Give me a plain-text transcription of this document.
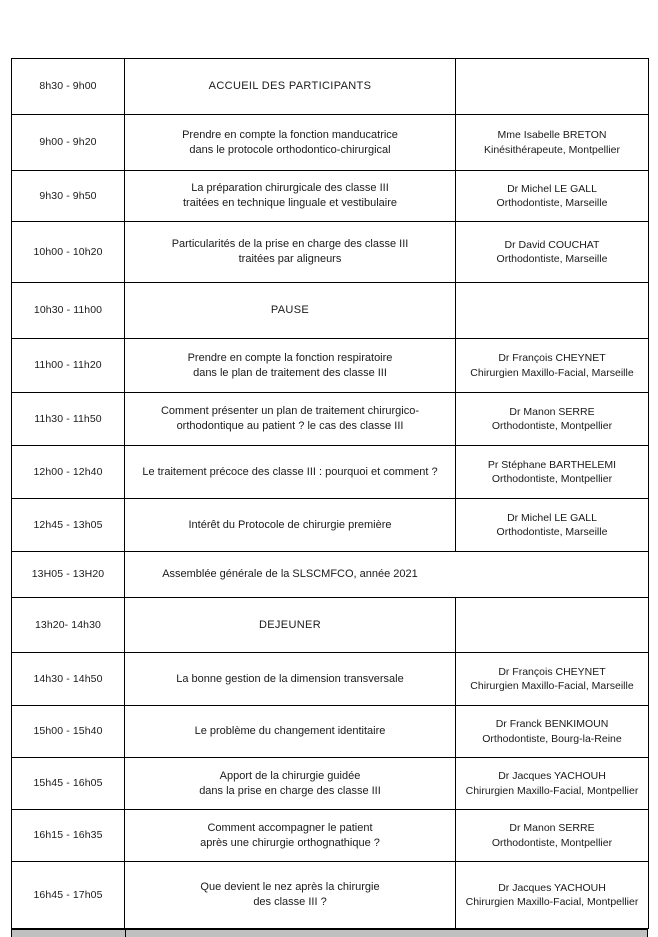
8h30 - 9h00	ACCUEIL DES PARTICIPANTS	

9h00 - 9h20	Prendre en compte la fonction manducatrice
dans le protocole orthodontico-chirurgical	Mme Isabelle BRETON
Kinésithérapeute, Montpellier

9h30 - 9h50	La préparation chirurgicale des classe III
traitées en technique linguale et vestibulaire	Dr Michel LE GALL
Orthodontiste, Marseille

10h00 - 10h20	Particularités de la prise en charge des classe III
traitées par aligneurs	Dr David COUCHAT
Orthodontiste, Marseille

10h30 - 11h00	PAUSE	

11h00 - 11h20	Prendre en compte la fonction respiratoire
dans le plan de traitement des classe III	Dr François CHEYNET
Chirurgien Maxillo-Facial, Marseille

11h30 - 11h50	Comment présenter un plan de traitement chirurgico-
orthodontique au patient ? le cas des classe III	Dr Manon SERRE
Orthodontiste, Montpellier

12h00 - 12h40	Le traitement précoce des classe III : pourquoi et comment ?	Pr Stéphane BARTHELEMI
Orthodontiste, Montpellier

12h45 - 13h05	Intérêt du Protocole de chirurgie première	Dr Michel LE GALL
Orthodontiste, Marseille

13H05 - 13H20	Assemblée générale de la SLSCMFCO, année 2021	

13h20- 14h30	DEJEUNER	

14h30 - 14h50	La bonne gestion de la dimension transversale	Dr François CHEYNET
Chirurgien Maxillo-Facial, Marseille

15h00 - 15h40	Le problème du changement identitaire	Dr Franck BENKIMOUN
Orthodontiste, Bourg-la-Reine

15h45 - 16h05	Apport de la chirurgie guidée
dans la prise en charge des classe III	Dr Jacques YACHOUH
Chirurgien Maxillo-Facial, Montpellier

16h15 - 16h35	Comment accompagner le patient
après une chirurgie orthognathique ?	Dr Manon SERRE
Orthodontiste, Montpellier

16h45 - 17h05	Que devient le nez après la chirurgie
des classe III ?	Dr Jacques YACHOUH
Chirurgien Maxillo-Facial, Montpellier
